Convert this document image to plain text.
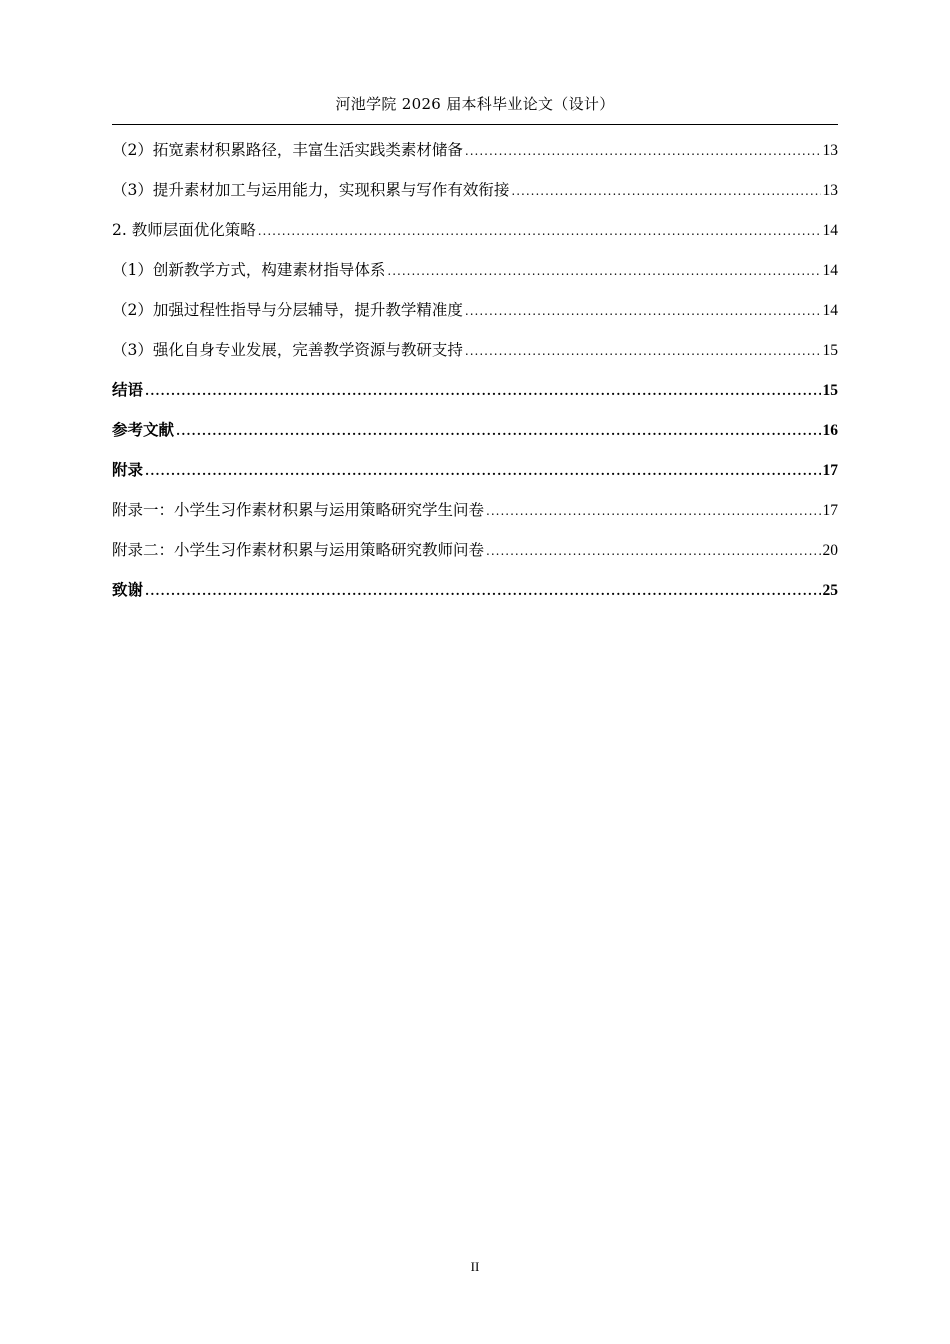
河池学院 2026 届本科毕业论文（设计）
（2）拓宽素材积累路径，丰富生活实践类素材储备 .....	13
（3）提升素材加工与运用能力，实现积累与写作有效衔接 .....	13
2. 教师层面优化策略 .....	14
（1）创新教学方式，构建素材指导体系 .....	14
（2）加强过程性指导与分层辅导，提升教学精准度 .....	14
（3）强化自身专业发展，完善教学资源与教研支持 .....	15
结语 .....	15
参考文献 .....	16
附录 .....	17
附录一：小学生习作素材积累与运用策略研究学生问卷 .....	17
附录二：小学生习作素材积累与运用策略研究教师问卷 .....	20
致谢 .....	25
II
